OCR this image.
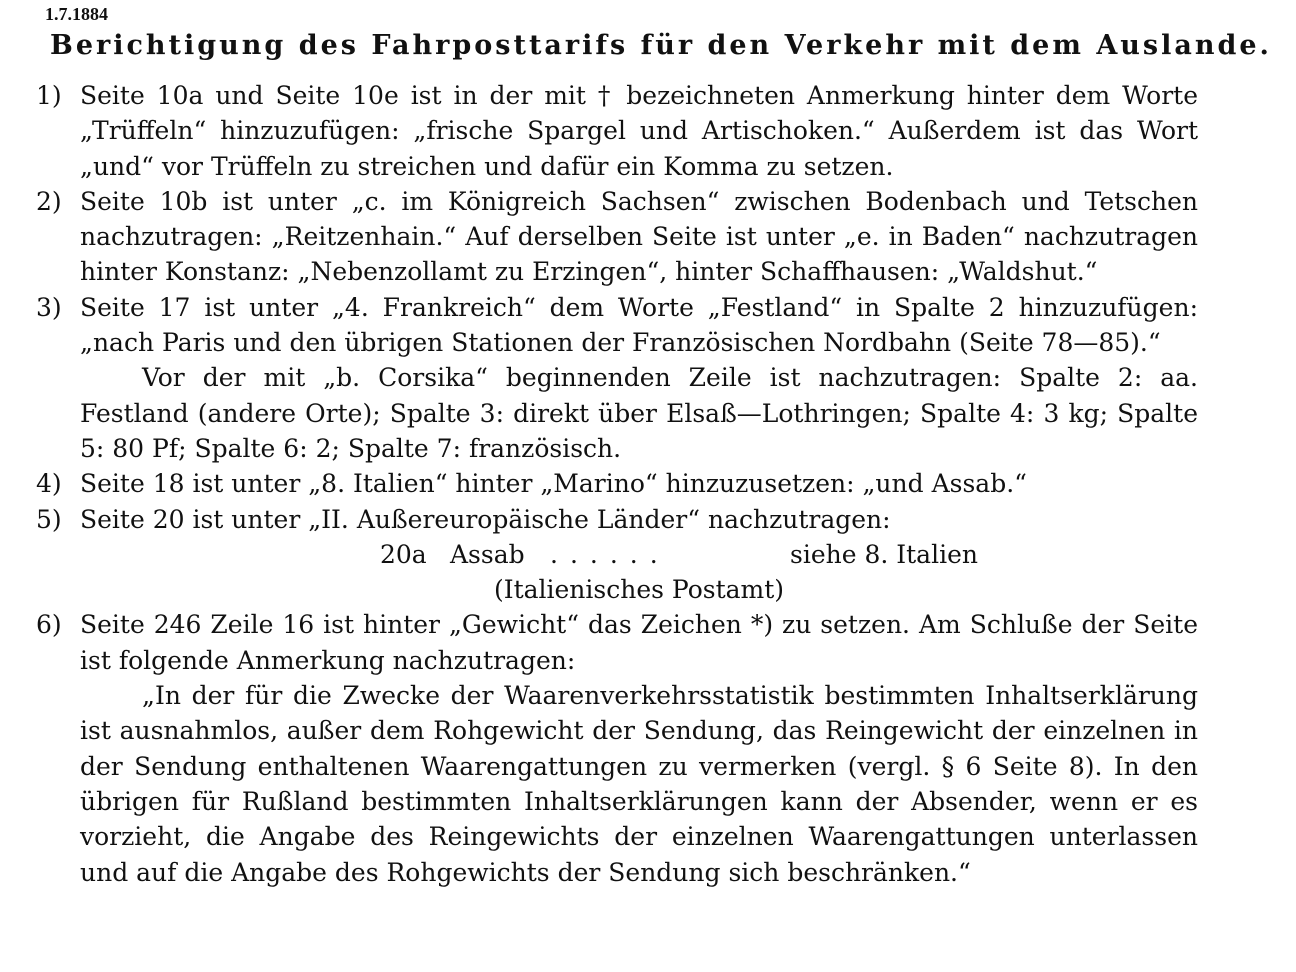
1.7.1884
Berichtigung des Fahrposttarifs für den Verkehr mit dem Auslande.
1) Seite 10a und Seite 10e ist in der mit † bezeichneten Anmerkung hinter dem Worte „Trüffeln“ hinzuzufügen: „frische Spargel und Artischoken.“ Außerdem ist das Wort „und“ vor Trüffeln zu streichen und dafür ein Komma zu setzen.

2) Seite 10b ist unter „c. im Königreich Sachsen“ zwischen Bodenbach und Tetschen nachzutragen: „Reitzenhain.“ Auf derselben Seite ist unter „e. in Baden“ nachzutragen hinter Konstanz: „Nebenzollamt zu Erzingen“, hinter Schaffhausen: „Waldshut.“

3) Seite 17 ist unter „4. Frankreich“ dem Worte „Festland“ in Spalte 2 hinzuzufügen: „nach Paris und den übrigen Stationen der Französischen Nordbahn (Seite 78—85).“

Vor der mit „b. Corsika“ beginnenden Zeile ist nachzutragen: Spalte 2: aa. Festland (andere Orte); Spalte 3: direkt über Elsaß—Lothringen; Spalte 4: 3 kg; Spalte 5: 80 Pf; Spalte 6: 2; Spalte 7: französisch.

4) Seite 18 ist unter „8. Italien“ hinter „Marino“ hinzuzusetzen: „und Assab.“

5) Seite 20 ist unter „II. Außereuropäische Länder“ nachzutragen:

20a Assab ......	siehe 8. Italien

(Italienisches Postamt)

6) Seite 246 Zeile 16 ist hinter „Gewicht“ das Zeichen *) zu setzen. Am Schluße der Seite ist folgende Anmerkung nachzutragen:

„In der für die Zwecke der Waarenverkehrsstatistik bestimmten Inhaltserklärung ist ausnahmlos, außer dem Rohgewicht der Sendung, das Reingewicht der einzelnen in der Sendung enthaltenen Waarengattungen zu vermerken (vergl. § 6 Seite 8). In den übrigen für Rußland bestimmten Inhaltserklärungen kann der Absender, wenn er es vorzieht, die Angabe des Reingewichts der einzelnen Waarengattungen unterlassen und auf die Angabe des Rohgewichts der Sendung sich beschränken.“
